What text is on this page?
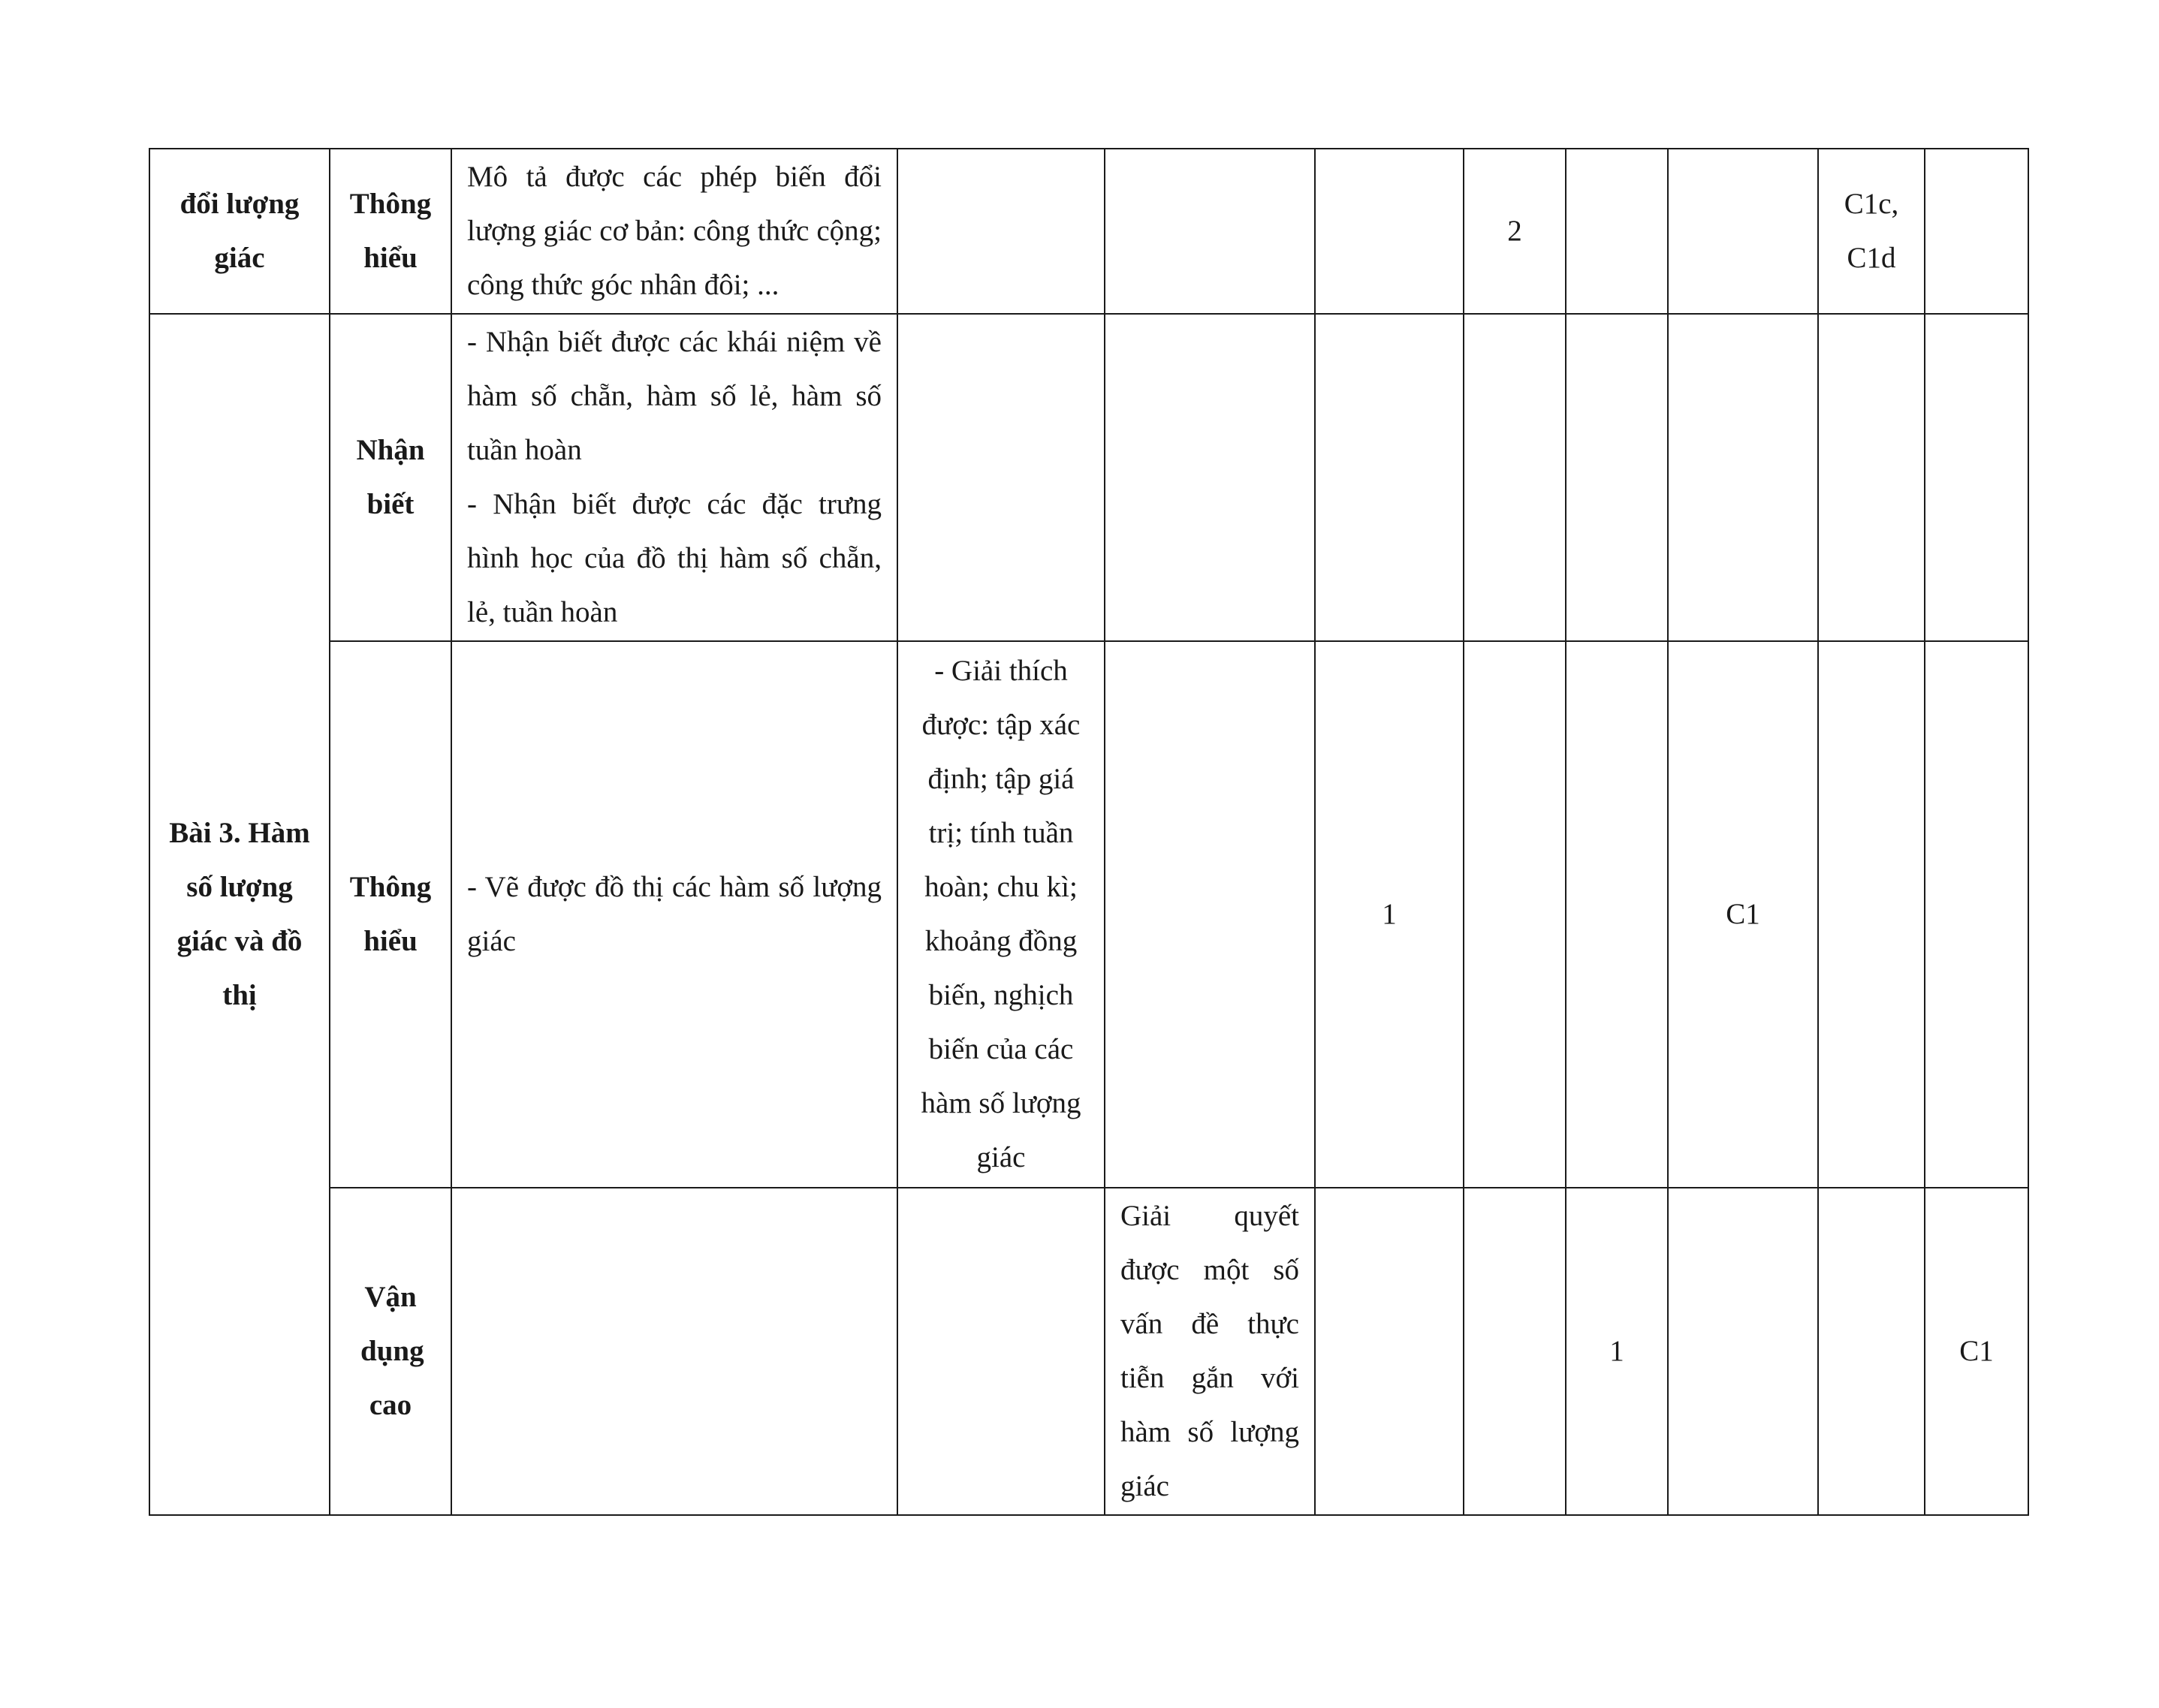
đổi lượng giác	Thông hiểu	Mô tả được các phép biến đổi lượng giác cơ bản: công thức cộng; công thức góc nhân đôi; ...				2			C1c, C1d	
Bài 3. Hàm số lượng giác và đồ thị	Nhận biết	- Nhận biết được các khái niệm về hàm số chẵn, hàm số lẻ, hàm số tuần hoàn

- Nhận biết được các đặc trưng hình học của đồ thị hàm số chẵn, lẻ, tuần hoàn								

	Thông hiểu	- Vẽ được đồ thị các hàm số lượng giác	- Giải thích được: tập xác định; tập giá trị; tính tuần hoàn; chu kì; khoảng đồng biến, nghịch biến của các hàm số lượng giác		1			C1		
	Vận dụng cao			Giải quyết được một số vấn đề thực tiễn gắn với hàm số lượng giác			1			C1
